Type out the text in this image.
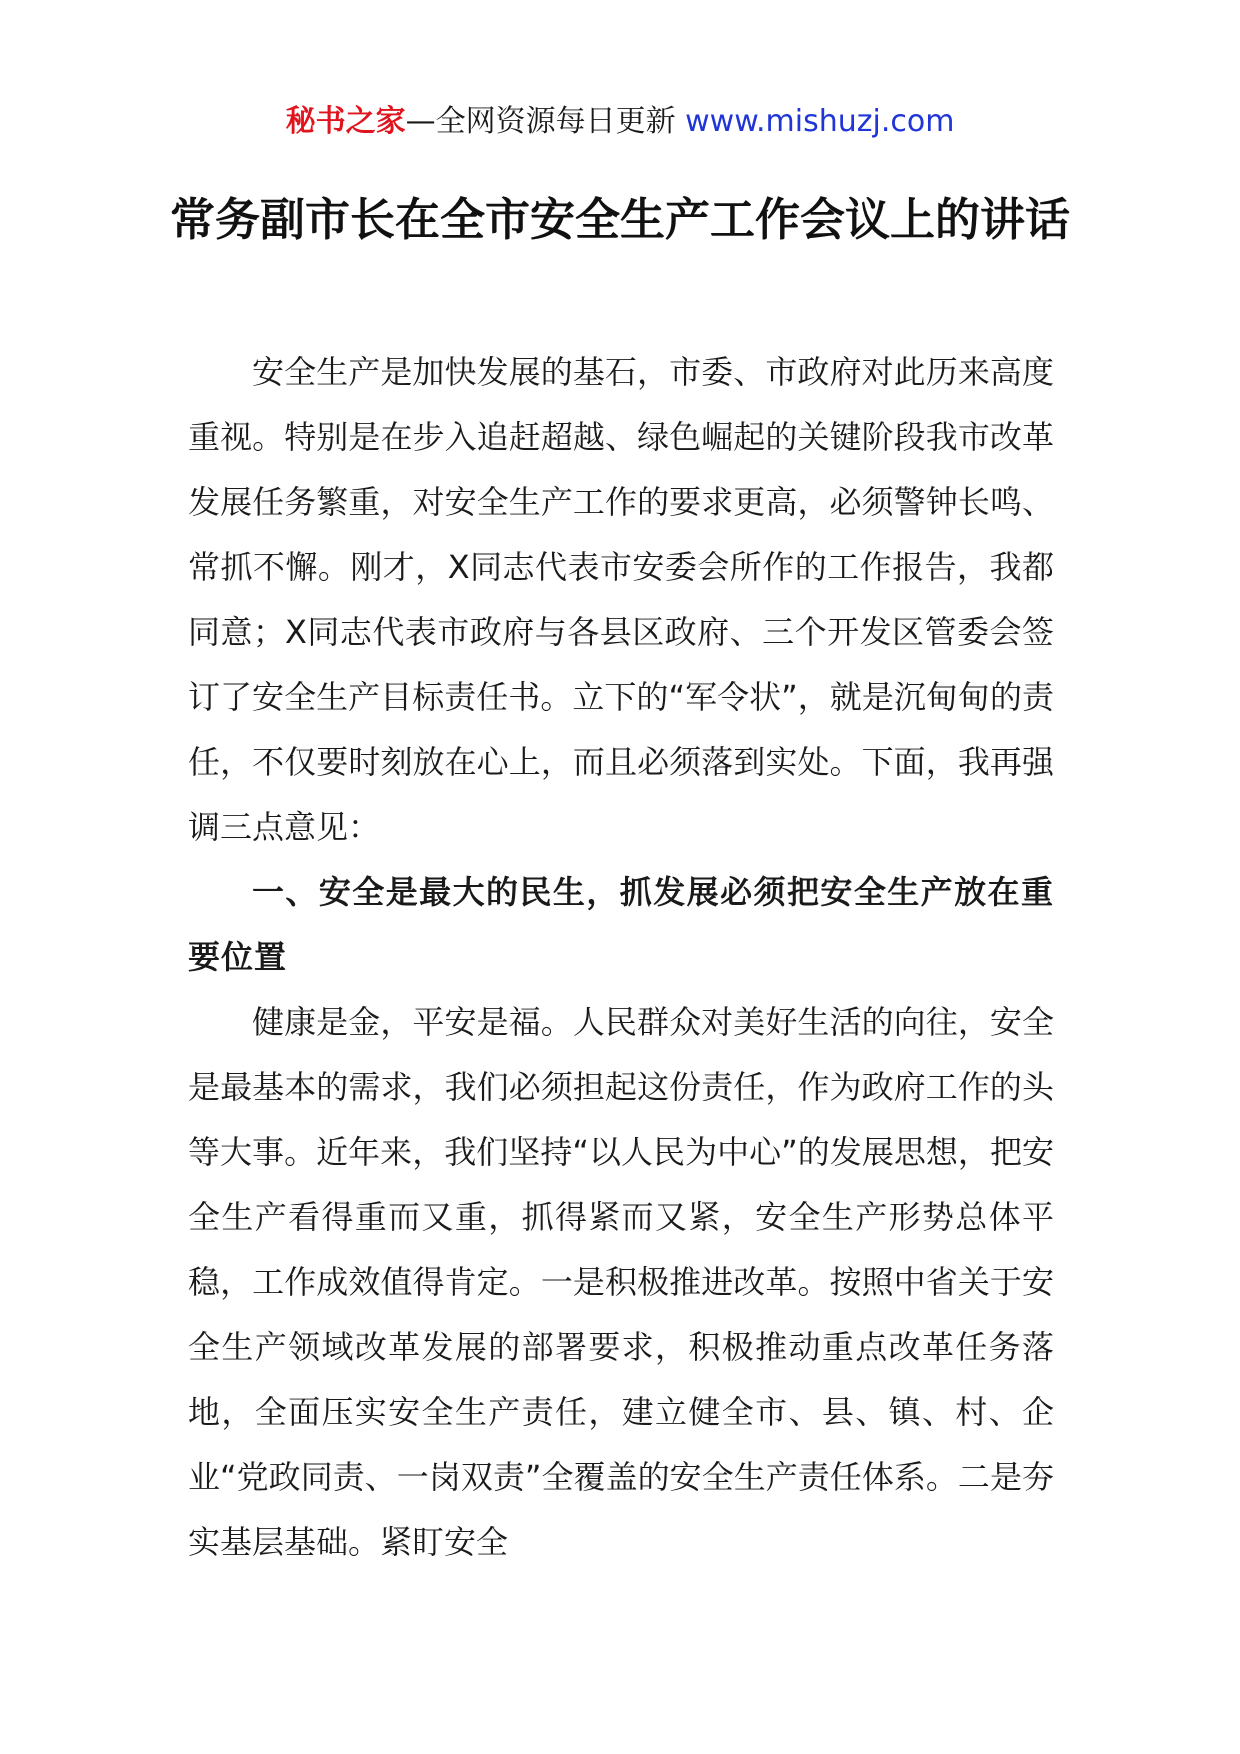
秘书之家—全网资源每日更新 www.mishuzj.com
常务副市长在全市安全生产工作会议上的讲话

安全生产是加快发展的基石，市委、市政府对此历来高度重视。特别是在步入追赶超越、绿色崛起的关键阶段我市改革发展任务繁重，对安全生产工作的要求更高，必须警钟长鸣、常抓不懈。刚才，X同志代表市安委会所作的工作报告，我都同意；X同志代表市政府与各县区政府、三个开发区管委会签订了安全生产目标责任书。立下的“军令状”，就是沉甸甸的责任，不仅要时刻放在心上，而且必须落到实处。下面，我再强调三点意见：

一、安全是最大的民生，抓发展必须把安全生产放在重要位置

健康是金，平安是福。人民群众对美好生活的向往，安全是最基本的需求，我们必须担起这份责任，作为政府工作的头等大事。近年来，我们坚持“以人民为中心”的发展思想，把安全生产看得重而又重，抓得紧而又紧，安全生产形势总体平稳，工作成效值得肯定。一是积极推进改革。按照中省关于安全生产领域改革发展的部署要求，积极推动重点改革任务落地，全面压实安全生产责任，建立健全市、县、镇、村、企业“党政同责、一岗双责”全覆盖的安全生产责任体系。二是夯实基层基础。紧盯安全
